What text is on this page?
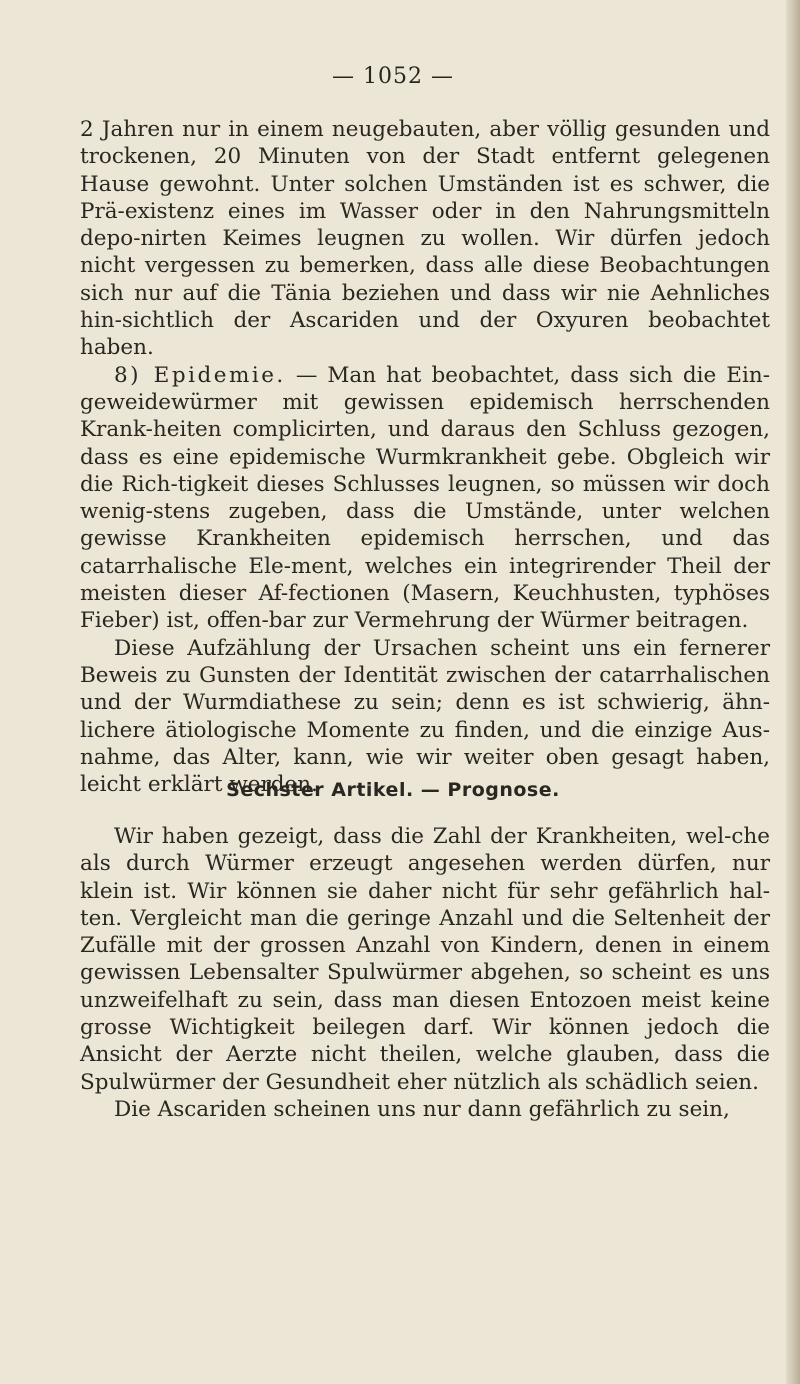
— 1052 —

2 Jahren nur in einem neugebauten, aber völlig gesunden und trockenen, 20 Minuten von der Stadt entfernt gelegenen Hause gewohnt. Unter solchen Umständen ist es schwer, die Prä-existenz eines im Wasser oder in den Nahrungsmitteln depo-nirten Keimes leugnen zu wollen. Wir dürfen jedoch nicht vergessen zu bemerken, dass alle diese Beobachtungen sich nur auf die Tänia beziehen und dass wir nie Aehnliches hin-sichtlich der Ascariden und der Oxyuren beobachtet haben.

8) Epidemie. — Man hat beobachtet, dass sich die Ein-geweidewürmer mit gewissen epidemisch herrschenden Krank-heiten complicirten, und daraus den Schluss gezogen, dass es eine epidemische Wurmkrankheit gebe. Obgleich wir die Rich-tigkeit dieses Schlusses leugnen, so müssen wir doch wenig-stens zugeben, dass die Umstände, unter welchen gewisse Krankheiten epidemisch herrschen, und das catarrhalische Ele-ment, welches ein integrirender Theil der meisten dieser Af-fectionen (Masern, Keuchhusten, typhöses Fieber) ist, offen-bar zur Vermehrung der Würmer beitragen.

Diese Aufzählung der Ursachen scheint uns ein fernerer Beweis zu Gunsten der Identität zwischen der catarrhalischen und der Wurmdiathese zu sein; denn es ist schwierig, ähn-lichere ätiologische Momente zu finden, und die einzige Aus-nahme, das Alter, kann, wie wir weiter oben gesagt haben, leicht erklärt werden.

Sechster Artikel. — Prognose.

Wir haben gezeigt, dass die Zahl der Krankheiten, wel-che als durch Würmer erzeugt angesehen werden dürfen, nur klein ist. Wir können sie daher nicht für sehr gefährlich hal-ten. Vergleicht man die geringe Anzahl und die Seltenheit der Zufälle mit der grossen Anzahl von Kindern, denen in einem gewissen Lebensalter Spulwürmer abgehen, so scheint es uns unzweifelhaft zu sein, dass man diesen Entozoen meist keine grosse Wichtigkeit beilegen darf. Wir können jedoch die Ansicht der Aerzte nicht theilen, welche glauben, dass die Spulwürmer der Gesundheit eher nützlich als schädlich seien.

Die Ascariden scheinen uns nur dann gefährlich zu sein,
